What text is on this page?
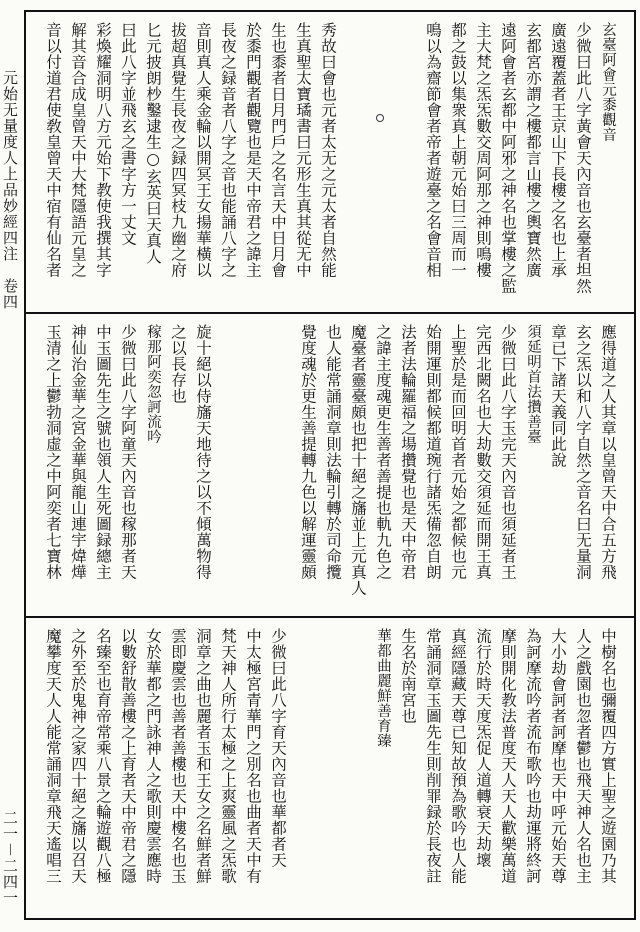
元始无量度人上品妙經四注　卷四
二一－二四一
玄臺阿會元黍觀音
少微曰此八字黃會天內音也玄臺者坦然
廣遠覆蓋者王京山下長樓之名也上承
玄都宮亦謂之樓都言山樓之輿寶然廣
遠阿會者玄都中阿邪之神名也掌樓之監
主大梵之炁炁數交周阿那之神則鳴樓
都之鼓以集衆真上朝元始曰三周而一
鳴以為齋節會者帝者遊臺之名會音相
秀故曰會也元者太无之元太者自然能
生真聖太寶璚書曰元形生真其從无中
生也黍者日月門戶之名言天中日月會
於黍門觀者觀覽也是天中帝君之諱主
長夜之録音者八字之音也能誦八字之
音則真人乘金輪以開冥王女揚華橫以
拔超真覺生長夜之録四冥枝九幽之府
匕元披朗杪鑿逮生○玄英曰天真人
曰此八字並飛玄之書字方一丈文
彩煥耀洞明八方元始下教使我撰其字
解其音合成皇曾天中大梵隱語元皇之
音以付道君使敎皇曾天中宿有仙名者
應得道之人其章以皇曾天中合五方飛
玄之炁以和八字自然之音名曰无量洞
章已下諸天義同此說
須延明首法攢善臺
少微曰此八字玉完天內音也須延者王
完西北闕名也大劫數交須延而開王真
上聖於是而回明首者元始之都候也元
始開運則都候都道琬行諸炁備忽自朗
法者法輪羅福之場攢覺也是天中帝君
之諱主度魂更生善者善提也軌九色之
魔臺者靈臺頗也把十絕之旛並上元真人
也人能常誦洞章則法輪引轉於司命攬
覺度魂於更生善提轉九色以解運靈頗
旋十絕以侍旛天地待之以不傾萬物得
之以長存也
稼那阿奕忽訶流吟
少微曰此八字阿童天內音也稼那者天
中玉圖先生之號也領人生死圖録總主
神仙治金華之宮金華與龍山連宇煒燁
玉清之上鬱勃洞虛之中阿奕者七寶林
中樹名也彌覆四方實上聖之遊園乃其
人之戲園也忽者鬱也飛天神人名也主
大小劫會訶者訶摩也天中呼元始天尊
為訶摩流吟者流布歌吟也劫運將終訶
摩則開化教法普度天人天人歡樂萬道
流行於時天度炁促人道轉衰天劫壞
真經隱藏天尊已知故預為歌吟也人能
常誦洞章玉圖先生則削罪録於長夜註
生名於南宮也
華都曲麗鮮善育臻
少微曰此八字育天內音也華都者天
中太極宮青華門之別名也曲者天中有
梵天神人所行太極之上爽靈風之炁歌
洞章之曲也麗者玉和王女之名鮮者鮮
雲即慶雲也善者善樓也天中樓名也玉
女於華都之門詠神人之歌則慶雲應時
以數舒散善樓之上育者天中帝君之隱
名臻至也育帝常乘八景之輪遊觀八極
之外至於鬼神之家四十絕之旛以召天
魔攀度天人人能常誦洞章飛天遙唱三
